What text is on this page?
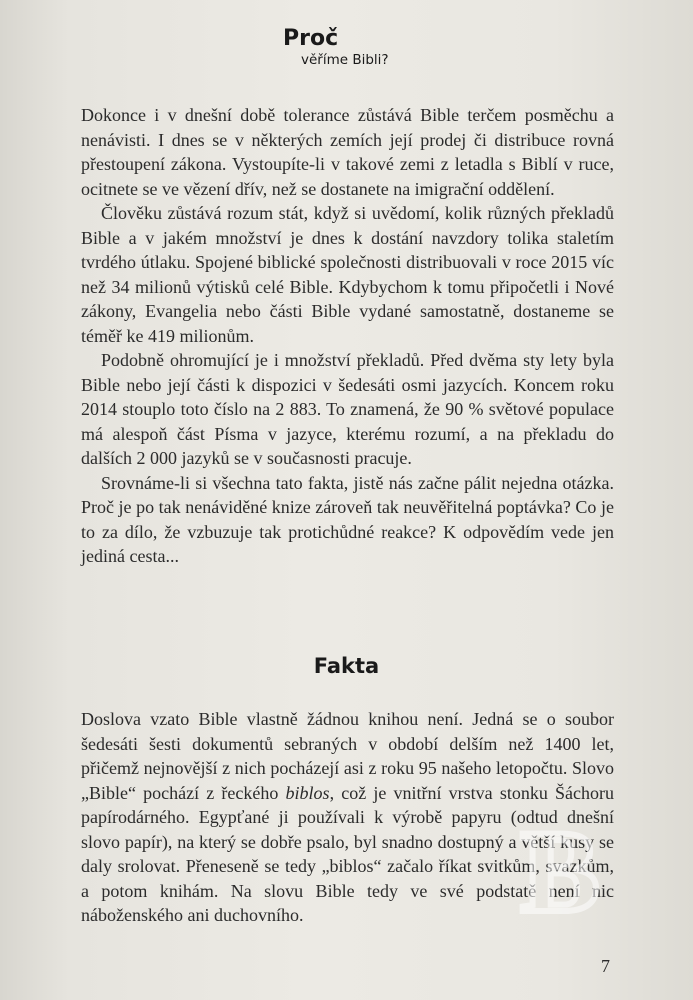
Proč
věříme Bibli?

Dokonce i v dnešní době tolerance zůstává Bible terčem posměchu a nenávisti. I dnes se v některých zemích její prodej či distribuce rovná přestoupení zákona. Vystoupíte-li v takové zemi z letadla s Biblí v ruce, ocitnete se ve vězení dřív, než se dostanete na imigrační oddělení.

Člověku zůstává rozum stát, když si uvědomí, kolik různých překladů Bible a v jakém množství je dnes k dostání navzdory tolika staletím tvrdého útlaku. Spojené biblické společnosti distribuovali v roce 2015 víc než 34 milionů výtisků celé Bible. Kdybychom k tomu připočetli i Nové zákony, Evangelia nebo části Bible vydané samostatně, dostaneme se téměř ke 419 milionům.

Podobně ohromující je i množství překladů. Před dvěma sty lety byla Bible nebo její části k dispozici v šedesáti osmi jazycích. Koncem roku 2014 stouplo toto číslo na 2 883. To znamená, že 90 % světové populace má alespoň část Písma v jazyce, kterému rozumí, a na překladu do dalších 2 000 jazyků se v současnosti pracuje.

Srovnáme-li si všechna tato fakta, jistě nás začne pálit nejedna otázka. Proč je po tak nenáviděné knize zároveň tak neuvěřitelná poptávka? Co je to za dílo, že vzbuzuje tak protichůdné reakce? K odpovědím vede jen jediná cesta...

Fakta

Doslova vzato Bible vlastně žádnou knihou není. Jedná se o soubor šedesáti šesti dokumentů sebraných v období delším než 1400 let, přičemž nejnovější z nich pocházejí asi z roku 95 našeho letopočtu. Slovo „Bible“ pochází z řeckého biblos, což je vnitřní vrstva stonku Šáchoru papírodárného. Egypťané ji používali k výrobě papyru (odtud dnešní slovo papír), na který se dobře psalo, byl snadno dostupný a větší kusy se daly srolovat. Přeneseně se tedy „biblos“ začalo říkat svitkům, svazkům, a potom knihám. Na slovu Bible tedy ve své podstatě není nic náboženského ani duchovního.	B
7
